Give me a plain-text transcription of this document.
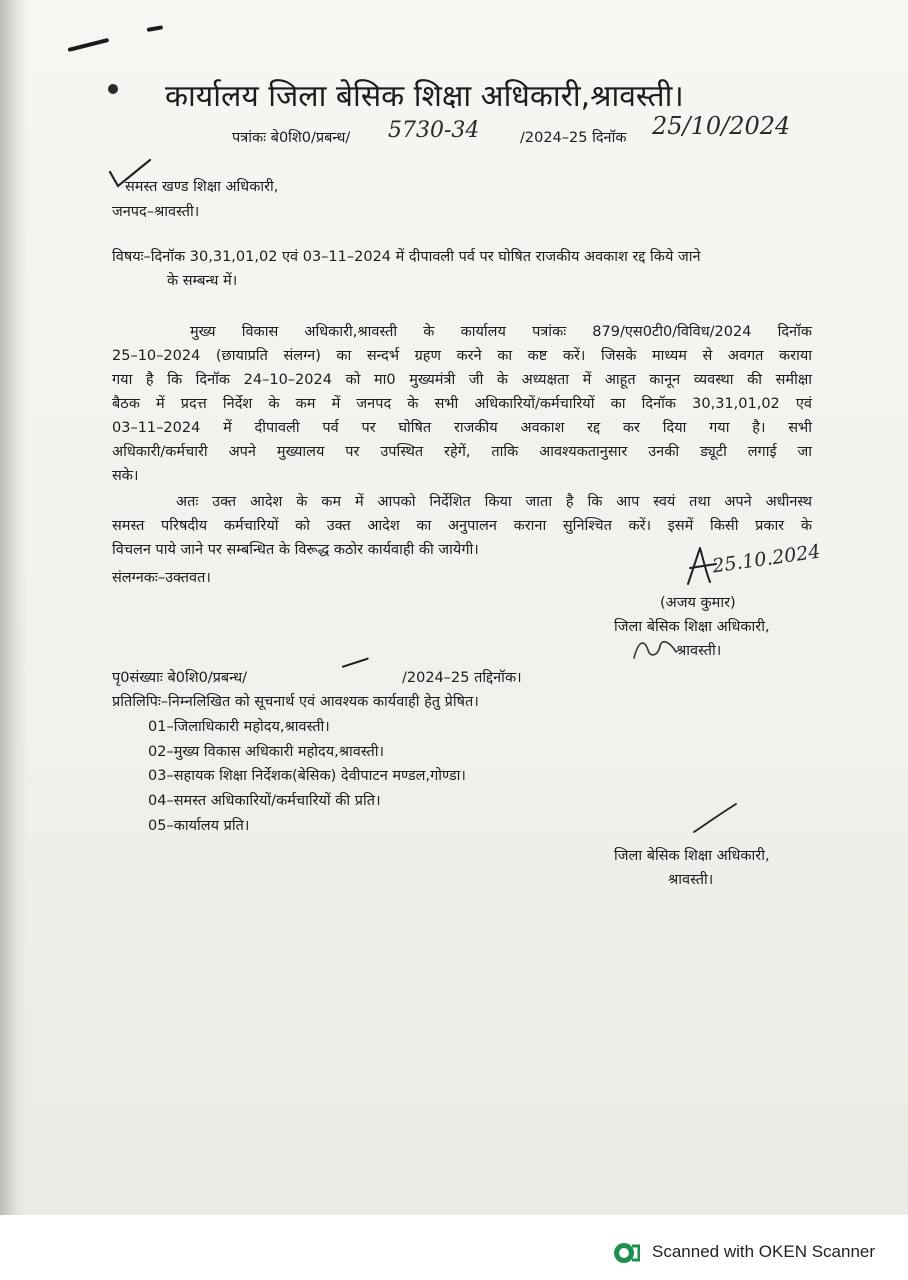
कार्यालय जिला बेसिक शिक्षा अधिकारी,श्रावस्ती।
पत्रांकः बे0शि0/प्रबन्ध/ 5730-34	/2024–25 दिनॉक 25/10/2024
समस्त खण्ड शिक्षा अधिकारी,
जनपद–श्रावस्ती।
विषयः–दिनॉक 30,31,01,02 एवं 03–11–2024 में दीपावली पर्व पर घोषित राजकीय अवकाश रद्द किये जाने
के सम्बन्ध में।
मुख्य विकास अधिकारी,श्रावस्ती के कार्यालय पत्रांकः 879/एस0टी0/विविध/2024 दिनॉक
25–10–2024 (छायाप्रति संलग्न) का सन्दर्भ ग्रहण करने का कष्ट करें। जिसके माध्यम से अवगत कराया
गया है कि दिनॉक 24–10–2024 को मा0 मुख्यमंत्री जी के अध्यक्षता में आहूत कानून व्यवस्था की समीक्षा
बैठक में प्रदत्त निर्देश के कम में जनपद के सभी अधिकारियों/कर्मचारियों का दिनॉक 30,31,01,02 एवं
03–11–2024 में दीपावली पर्व पर घोषित राजकीय अवकाश रद्द कर दिया गया है। सभी
अधिकारी/कर्मचारी अपने मुख्यालय पर उपस्थित रहेगें, ताकि आवश्यकतानुसार उनकी ड्यूटी लगाई जा
सके।
अतः उक्त आदेश के कम में आपको निर्देशित किया जाता है कि आप स्वयं तथा अपने अधीनस्थ
समस्त परिषदीय कर्मचारियों को उक्त आदेश का अनुपालन कराना सुनिश्चित करें। इसमें किसी प्रकार के
विचलन पाये जाने पर सम्बन्धित के विरूद्ध कठोर कार्यवाही की जायेगी।
संलग्नकः–उक्तवत।
25.10.2024
(अजय कुमार)
जिला बेसिक शिक्षा अधिकारी,
श्रावस्ती।
पृ0संख्याः बे0शि0/प्रबन्ध/	/2024–25 तद्दिनॉक।
प्रतिलिपिः–निम्नलिखित को सूचनार्थ एवं आवश्यक कार्यवाही हेतु प्रेषित।
01–जिलाधिकारी महोदय,श्रावस्ती।
02–मुख्य विकास अधिकारी महोदय,श्रावस्ती।
03–सहायक शिक्षा निर्देशक(बेसिक) देवीपाटन मण्डल,गोण्डा।
04–समस्त अधिकारियों/कर्मचारियों की प्रति।
05–कार्यालय प्रति।
जिला बेसिक शिक्षा अधिकारी,
श्रावस्ती।
Scanned with OKEN Scanner
